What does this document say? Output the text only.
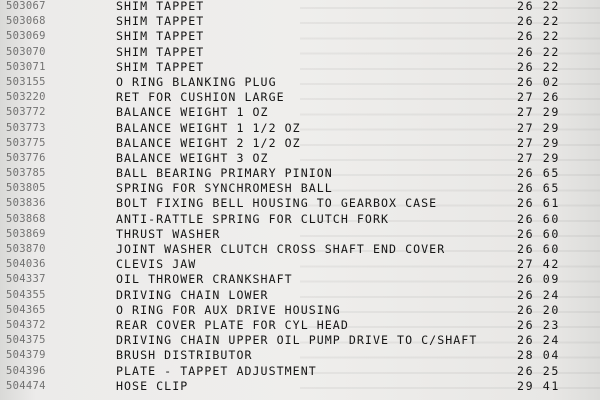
503067	SHIM TAPPET	26 22
503068	SHIM TAPPET	26 22
503069	SHIM TAPPET	26 22
503070	SHIM TAPPET	26 22
503071	SHIM TAPPET	26 22
503155	O RING BLANKING PLUG	26 02
503220	RET FOR CUSHION LARGE	27 26
503772	BALANCE WEIGHT 1 OZ	27 29
503773	BALANCE WEIGHT 1 1/2 OZ	27 29
503775	BALANCE WEIGHT 2 1/2 OZ	27 29
503776	BALANCE WEIGHT 3 OZ	27 29
503785	BALL BEARING PRIMARY PINION	26 65
503805	SPRING FOR SYNCHROMESH BALL	26 65
503836	BOLT FIXING BELL HOUSING TO GEARBOX CASE	26 61
503868	ANTI-RATTLE SPRING FOR CLUTCH FORK	26 60
503869	THRUST WASHER	26 60
503870	JOINT WASHER CLUTCH CROSS SHAFT END COVER	26 60
504036	CLEVIS JAW	27 42
504337	OIL THROWER CRANKSHAFT	26 09
504355	DRIVING CHAIN LOWER	26 24
504365	O RING FOR AUX DRIVE HOUSING	26 20
504372	REAR COVER PLATE FOR CYL HEAD	26 23
504375	DRIVING CHAIN UPPER OIL PUMP DRIVE TO C/SHAFT	26 24
504379	BRUSH DISTRIBUTOR	28 04
504396	PLATE - TAPPET ADJUSTMENT	26 25
504474	HOSE CLIP	29 41
